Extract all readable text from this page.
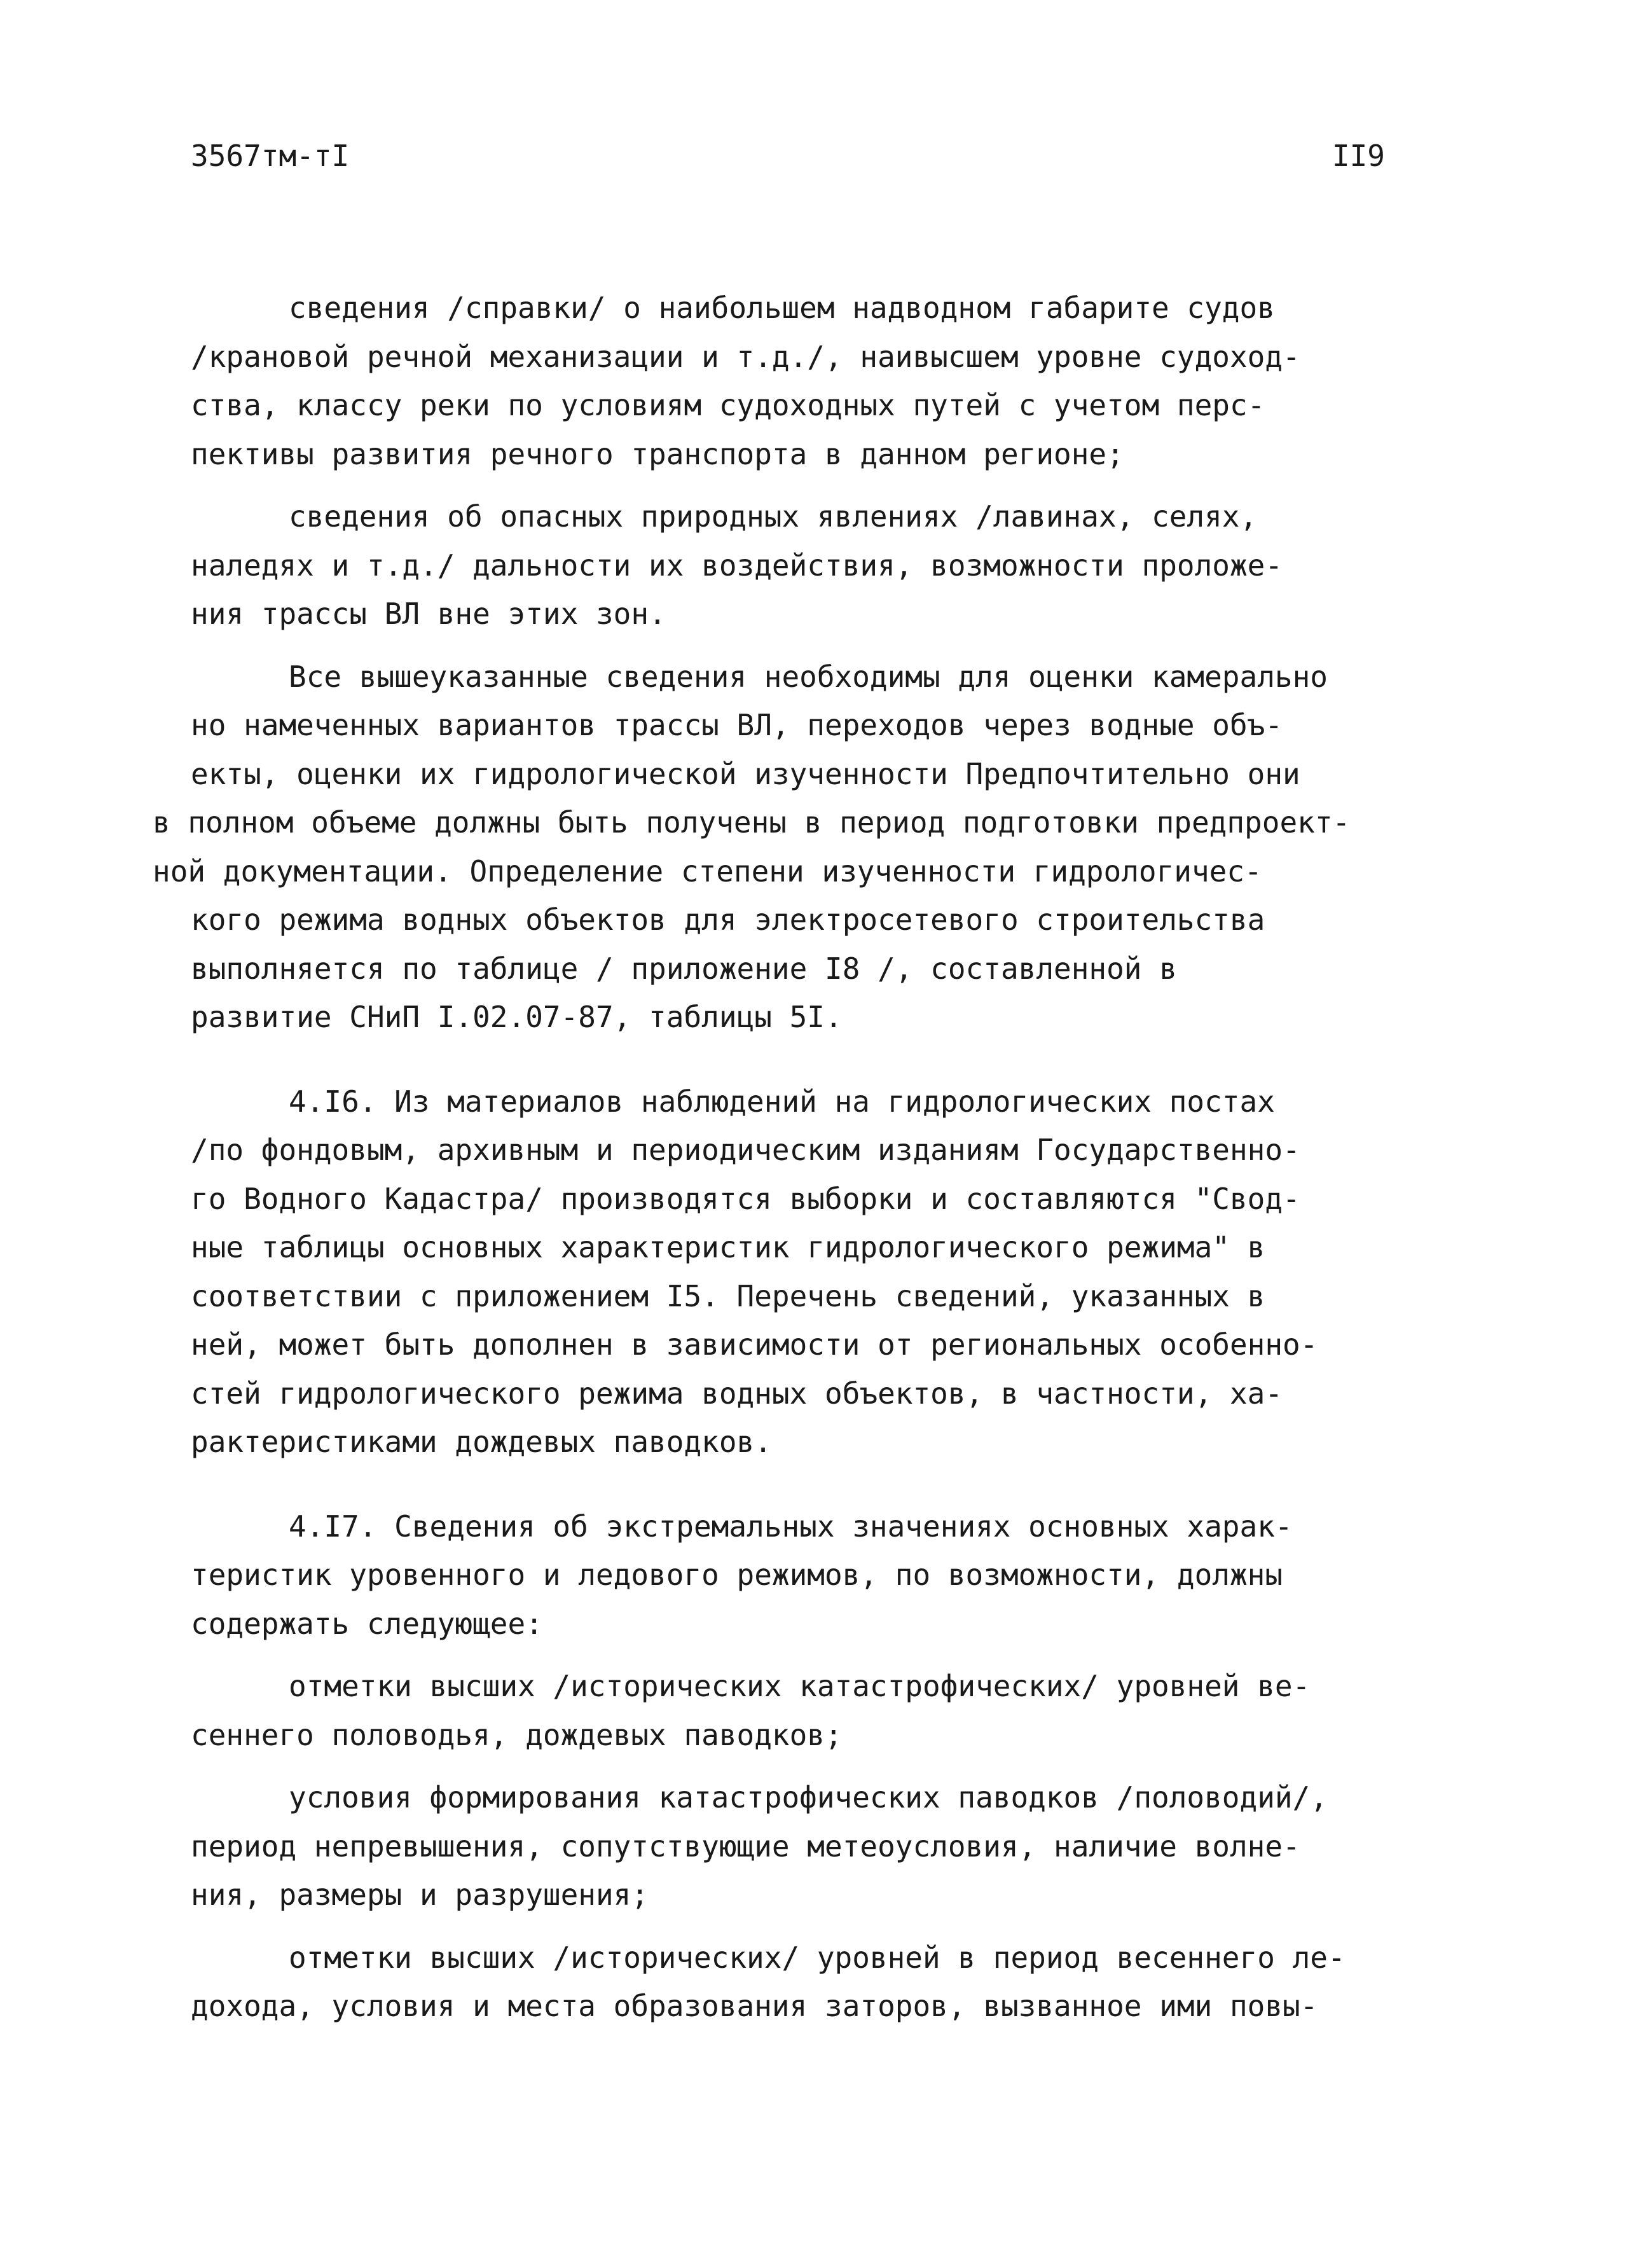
3567тм-тI	II9
сведения /справки/ о наибольшем надводном габарите судов
/крановой речной механизации и т.д./, наивысшем уровне судоход-
ства, классу реки по условиям судоходных путей с учетом перс-
пективы развития речного транспорта в данном регионе;
сведения об опасных природных явлениях /лавинах, селях,
наледях и т.д./ дальности их воздействия, возможности проложе-
ния трассы ВЛ вне этих зон.
Все вышеуказанные сведения необходимы для оценки камерально
но намеченных вариантов трассы ВЛ, переходов через водные объ-
екты, оценки их гидрологической изученности Предпочтительно они
в полном объеме должны быть получены в период подготовки предпроект-
ной документации. Определение степени изученности гидрологичес-
кого режима водных объектов для электросетевого строительства
выполняется по таблице / приложение I8 /, составленной в
развитие СНиП I.02.07-87, таблицы 5I.
4.I6. Из материалов наблюдений на гидрологических постах
/по фондовым, архивным и периодическим изданиям Государственно-
го Водного Кадастра/ производятся выборки и составляются "Свод-
ные таблицы основных характеристик гидрологического режима" в
соответствии с приложением I5. Перечень сведений, указанных в
ней, может быть дополнен в зависимости от региональных особенно-
стей гидрологического режима водных объектов, в частности, ха-
рактеристиками дождевых паводков.
4.I7. Сведения об экстремальных значениях основных харак-
теристик уровенного и ледового режимов, по возможности, должны
содержать следующее:
отметки высших /исторических катастрофических/ уровней ве-
сеннего половодья, дождевых паводков;
условия формирования катастрофических паводков /половодий/,
период непревышения, сопутствующие метеоусловия, наличие волне-
ния, размеры и разрушения;
отметки высших /исторических/ уровней в период весеннего ле-
дохода, условия и места образования заторов, вызванное ими повы-
